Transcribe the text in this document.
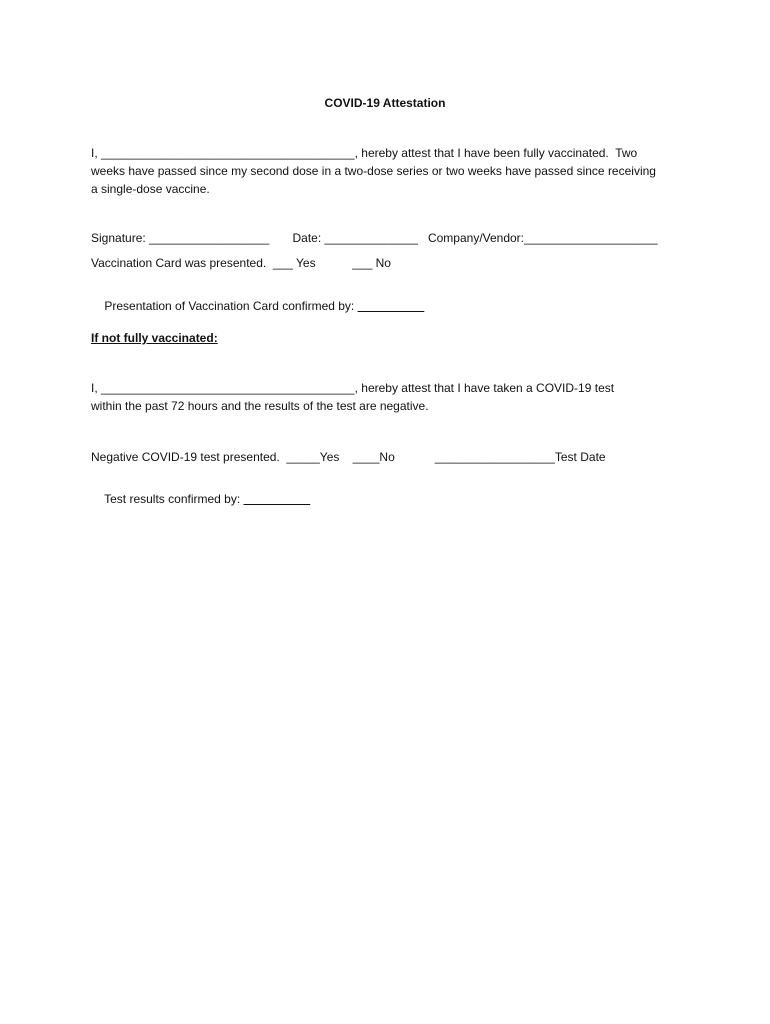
COVID-19 Attestation
I, ______________________________________, hereby attest that I have been fully vaccinated.  Two
weeks have passed since my second dose in a two-dose series or two weeks have passed since receiving
a single-dose vaccine.
Signature: __________________       Date: ______________   Company/Vendor:____________________
Vaccination Card was presented.  ___ Yes           ___ No

Presentation of Vaccination Card confirmed by:

If not fully vaccinated:
I, ______________________________________, hereby attest that I have taken a COVID-19 test
within the past 72 hours and the results of the test are negative.
Negative COVID-19 test presented.  _____Yes    ____No            __________________Test Date

Test results confirmed by:
